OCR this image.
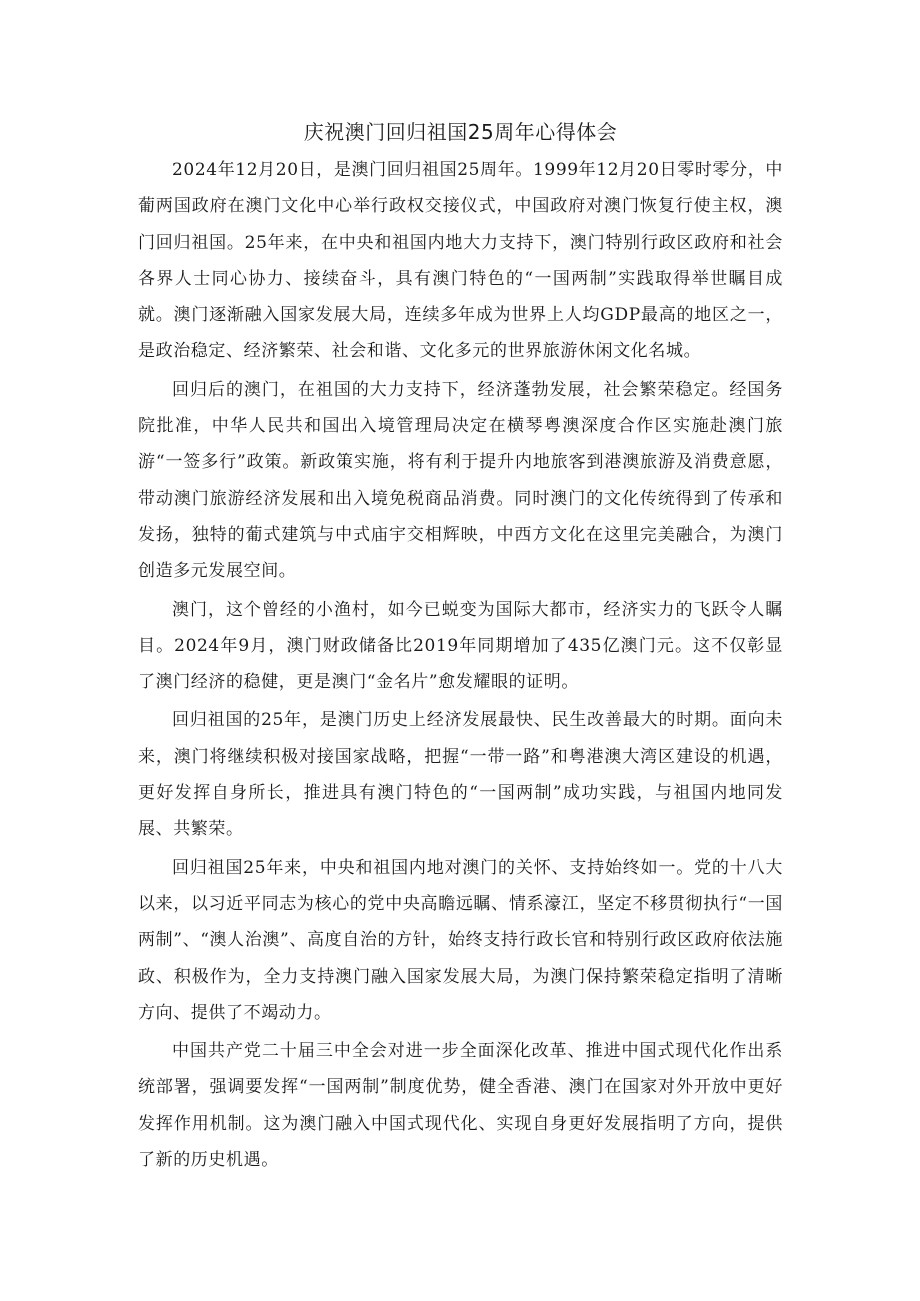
庆祝澳门回归祖国25周年心得体会

2024年12月20日，是澳门回归祖国25周年。1999年12月20日零时零分，中葡两国政府在澳门文化中心举行政权交接仪式，中国政府对澳门恢复行使主权，澳门回归祖国。25年来，在中央和祖国内地大力支持下，澳门特别行政区政府和社会各界人士同心协力、接续奋斗，具有澳门特色的“一国两制”实践取得举世瞩目成就。澳门逐渐融入国家发展大局，连续多年成为世界上人均GDP最高的地区之一，是政治稳定、经济繁荣、社会和谐、文化多元的世界旅游休闲文化名城。

回归后的澳门，在祖国的大力支持下，经济蓬勃发展，社会繁荣稳定。经国务院批准，中华人民共和国出入境管理局决定在横琴粤澳深度合作区实施赴澳门旅游“一签多行”政策。新政策实施，将有利于提升内地旅客到港澳旅游及消费意愿，带动澳门旅游经济发展和出入境免税商品消费。同时澳门的文化传统得到了传承和发扬，独特的葡式建筑与中式庙宇交相辉映，中西方文化在这里完美融合，为澳门创造多元发展空间。

澳门，这个曾经的小渔村，如今已蜕变为国际大都市，经济实力的飞跃令人瞩目。2024年9月，澳门财政储备比2019年同期增加了435亿澳门元。这不仅彰显了澳门经济的稳健，更是澳门“金名片”愈发耀眼的证明。

回归祖国的25年，是澳门历史上经济发展最快、民生改善最大的时期。面向未来，澳门将继续积极对接国家战略，把握“一带一路”和粤港澳大湾区建设的机遇，更好发挥自身所长，推进具有澳门特色的“一国两制”成功实践，与祖国内地同发展、共繁荣。

回归祖国25年来，中央和祖国内地对澳门的关怀、支持始终如一。党的十八大以来，以习近平同志为核心的党中央高瞻远瞩、情系濠江，坚定不移贯彻执行“一国两制”、“澳人治澳”、高度自治的方针，始终支持行政长官和特别行政区政府依法施政、积极作为，全力支持澳门融入国家发展大局，为澳门保持繁荣稳定指明了清晰方向、提供了不竭动力。

中国共产党二十届三中全会对进一步全面深化改革、推进中国式现代化作出系统部署，强调要发挥“一国两制”制度优势，健全香港、澳门在国家对外开放中更好发挥作用机制。这为澳门融入中国式现代化、实现自身更好发展指明了方向，提供了新的历史机遇。
